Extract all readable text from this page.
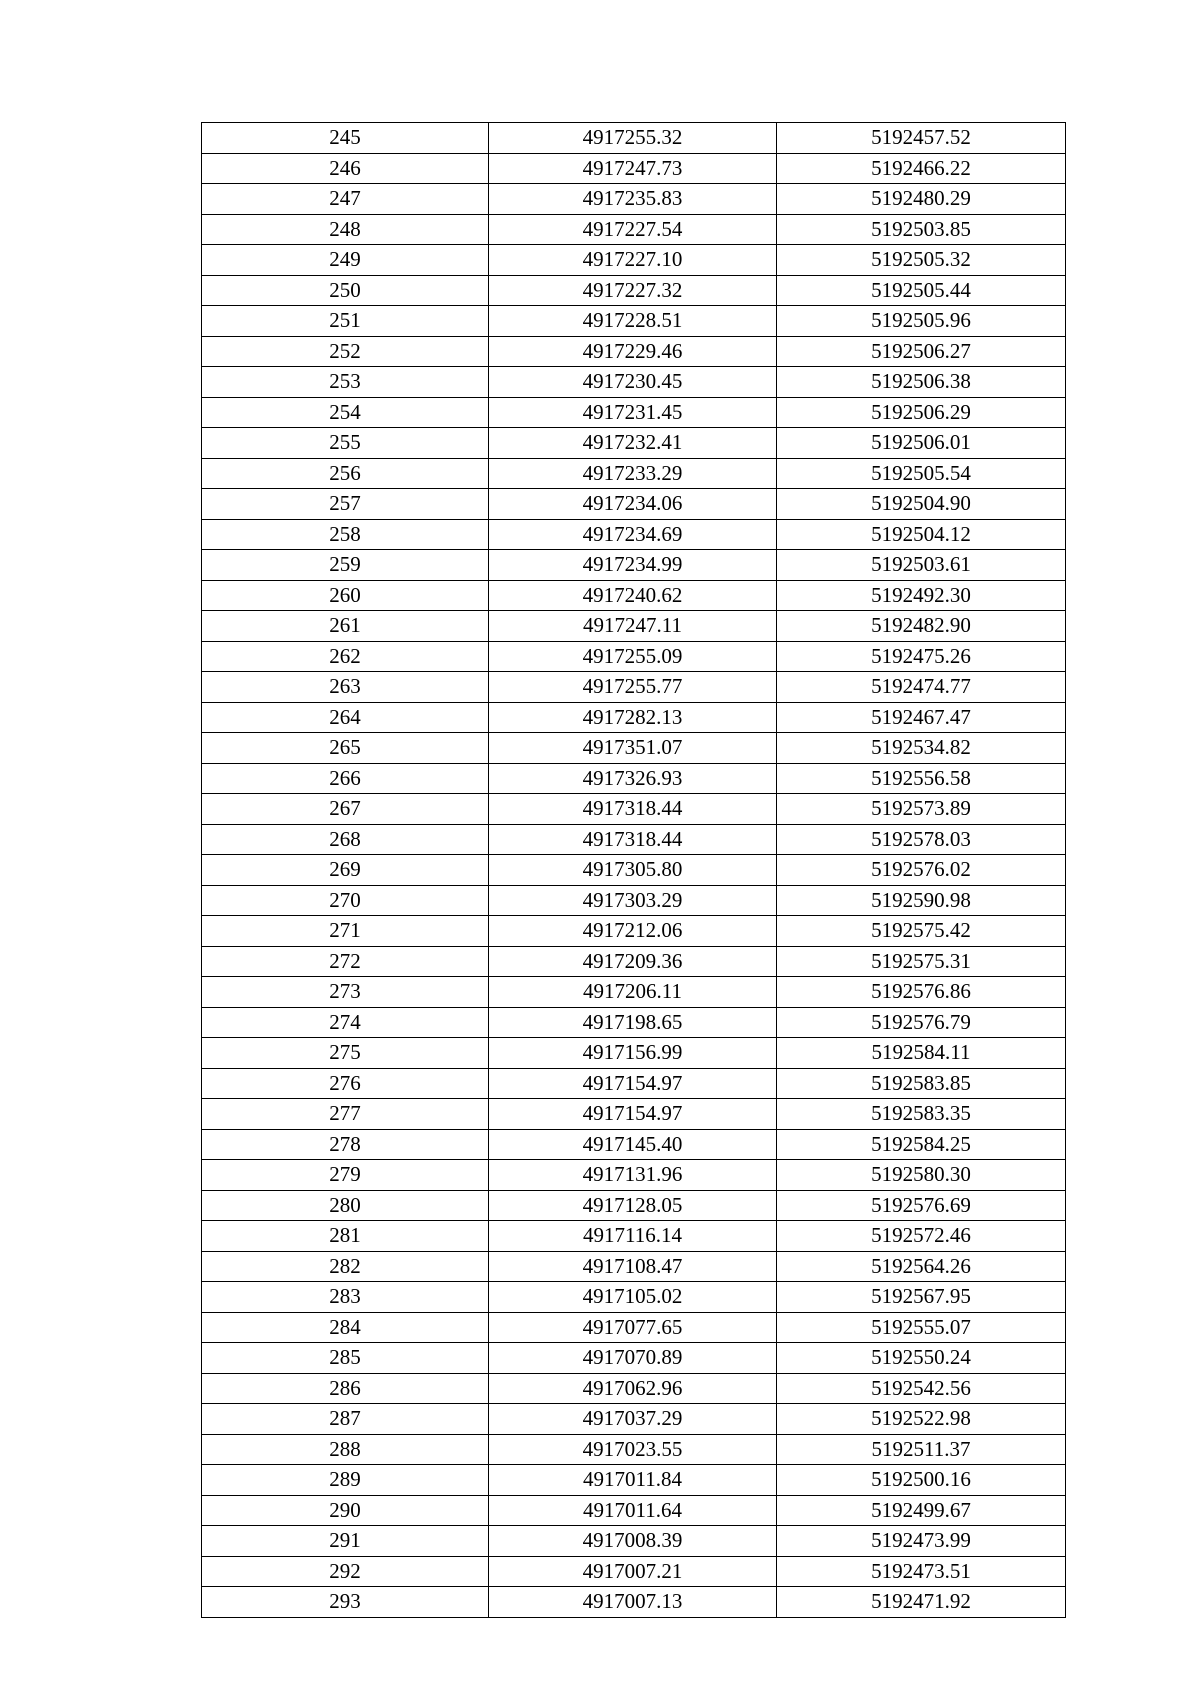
245	4917255.32	5192457.52
246	4917247.73	5192466.22
247	4917235.83	5192480.29
248	4917227.54	5192503.85
249	4917227.10	5192505.32
250	4917227.32	5192505.44
251	4917228.51	5192505.96
252	4917229.46	5192506.27
253	4917230.45	5192506.38
254	4917231.45	5192506.29
255	4917232.41	5192506.01
256	4917233.29	5192505.54
257	4917234.06	5192504.90
258	4917234.69	5192504.12
259	4917234.99	5192503.61
260	4917240.62	5192492.30
261	4917247.11	5192482.90
262	4917255.09	5192475.26
263	4917255.77	5192474.77
264	4917282.13	5192467.47
265	4917351.07	5192534.82
266	4917326.93	5192556.58
267	4917318.44	5192573.89
268	4917318.44	5192578.03
269	4917305.80	5192576.02
270	4917303.29	5192590.98
271	4917212.06	5192575.42
272	4917209.36	5192575.31
273	4917206.11	5192576.86
274	4917198.65	5192576.79
275	4917156.99	5192584.11
276	4917154.97	5192583.85
277	4917154.97	5192583.35
278	4917145.40	5192584.25
279	4917131.96	5192580.30
280	4917128.05	5192576.69
281	4917116.14	5192572.46
282	4917108.47	5192564.26
283	4917105.02	5192567.95
284	4917077.65	5192555.07
285	4917070.89	5192550.24
286	4917062.96	5192542.56
287	4917037.29	5192522.98
288	4917023.55	5192511.37
289	4917011.84	5192500.16
290	4917011.64	5192499.67
291	4917008.39	5192473.99
292	4917007.21	5192473.51
293	4917007.13	5192471.92
